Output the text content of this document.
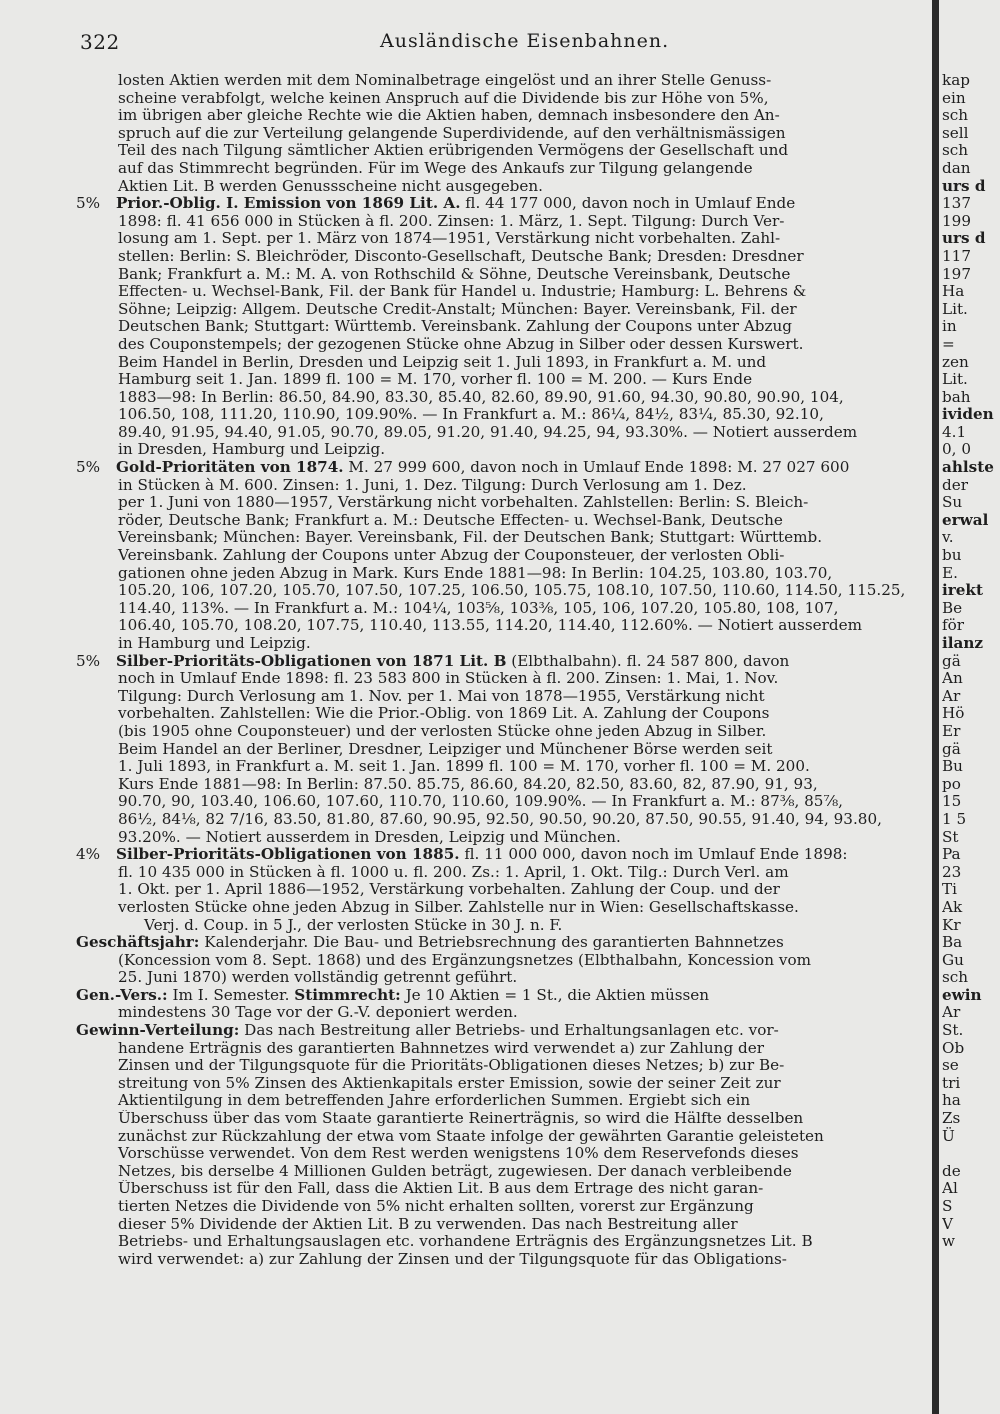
322	Ausländische Eisenbahnen.
losten Aktien werden mit dem Nominalbetrage eingelöst und an ihrer Stelle Genuss-
scheine verabfolgt, welche keinen Anspruch auf die Dividende bis zur Höhe von 5%,
im übrigen aber gleiche Rechte wie die Aktien haben, demnach insbesondere den An-
spruch auf die zur Verteilung gelangende Superdividende, auf den verhältnismässigen
Teil des nach Tilgung sämtlicher Aktien erübrigenden Vermögens der Gesellschaft und
auf das Stimmrecht begründen. Für im Wege des Ankaufs zur Tilgung gelangende
Aktien Lit. B werden Genussscheine nicht ausgegeben.
5% Prior.-Oblig. I. Emission von 1869 Lit. A. fl. 44 177 000, davon noch in Umlauf Ende
1898: fl. 41 656 000 in Stücken à fl. 200. Zinsen: 1. März, 1. Sept. Tilgung: Durch Ver-
losung am 1. Sept. per 1. März von 1874—1951, Verstärkung nicht vorbehalten. Zahl-
stellen: Berlin: S. Bleichröder, Disconto-Gesellschaft, Deutsche Bank; Dresden: Dresdner
Bank; Frankfurt a. M.: M. A. von Rothschild & Söhne, Deutsche Vereinsbank, Deutsche
Effecten- u. Wechsel-Bank, Fil. der Bank für Handel u. Industrie; Hamburg: L. Behrens &
Söhne; Leipzig: Allgem. Deutsche Credit-Anstalt; München: Bayer. Vereinsbank, Fil. der
Deutschen Bank; Stuttgart: Württemb. Vereinsbank. Zahlung der Coupons unter Abzug
des Couponstempels; der gezogenen Stücke ohne Abzug in Silber oder dessen Kurswert.
Beim Handel in Berlin, Dresden und Leipzig seit 1. Juli 1893, in Frankfurt a. M. und
Hamburg seit 1. Jan. 1899 fl. 100 = M. 170, vorher fl. 100 = M. 200. — Kurs Ende
1883—98: In Berlin: 86.50, 84.90, 83.30, 85.40, 82.60, 89.90, 91.60, 94.30, 90.80, 90.90, 104,
106.50, 108, 111.20, 110.90, 109.90%. — In Frankfurt a. M.: 86¼, 84½, 83¼, 85.30, 92.10,
89.40, 91.95, 94.40, 91.05, 90.70, 89.05, 91.20, 91.40, 94.25, 94, 93.30%. — Notiert ausserdem
in Dresden, Hamburg und Leipzig.
5% Gold-Prioritäten von 1874. M. 27 999 600, davon noch in Umlauf Ende 1898: M. 27 027 600
in Stücken à M. 600. Zinsen: 1. Juni, 1. Dez. Tilgung: Durch Verlosung am 1. Dez.
per 1. Juni von 1880—1957, Verstärkung nicht vorbehalten. Zahlstellen: Berlin: S. Bleich-
röder, Deutsche Bank; Frankfurt a. M.: Deutsche Effecten- u. Wechsel-Bank, Deutsche
Vereinsbank; München: Bayer. Vereinsbank, Fil. der Deutschen Bank; Stuttgart: Württemb.
Vereinsbank. Zahlung der Coupons unter Abzug der Couponsteuer, der verlosten Obli-
gationen ohne jeden Abzug in Mark. Kurs Ende 1881—98: In Berlin: 104.25, 103.80, 103.70,
105.20, 106, 107.20, 105.70, 107.50, 107.25, 106.50, 105.75, 108.10, 107.50, 110.60, 114.50, 115.25,
114.40, 113%. — In Frankfurt a. M.: 104¼, 103⅝, 103⅜, 105, 106, 107.20, 105.80, 108, 107,
106.40, 105.70, 108.20, 107.75, 110.40, 113.55, 114.20, 114.40, 112.60%. — Notiert ausserdem
in Hamburg und Leipzig.
5% Silber-Prioritäts-Obligationen von 1871 Lit. B (Elbthalbahn). fl. 24 587 800, davon
noch in Umlauf Ende 1898: fl. 23 583 800 in Stücken à fl. 200. Zinsen: 1. Mai, 1. Nov.
Tilgung: Durch Verlosung am 1. Nov. per 1. Mai von 1878—1955, Verstärkung nicht
vorbehalten. Zahlstellen: Wie die Prior.-Oblig. von 1869 Lit. A. Zahlung der Coupons
(bis 1905 ohne Couponsteuer) und der verlosten Stücke ohne jeden Abzug in Silber.
Beim Handel an der Berliner, Dresdner, Leipziger und Münchener Börse werden seit
1. Juli 1893, in Frankfurt a. M. seit 1. Jan. 1899 fl. 100 = M. 170, vorher fl. 100 = M. 200.
Kurs Ende 1881—98: In Berlin: 87.50. 85.75, 86.60, 84.20, 82.50, 83.60, 82, 87.90, 91, 93,
90.70, 90, 103.40, 106.60, 107.60, 110.70, 110.60, 109.90%. — In Frankfurt a. M.: 87⅜, 85⅞,
86½, 84⅛, 82 7/16, 83.50, 81.80, 87.60, 90.95, 92.50, 90.50, 90.20, 87.50, 90.55, 91.40, 94, 93.80,
93.20%. — Notiert ausserdem in Dresden, Leipzig und München.
4% Silber-Prioritäts-Obligationen von 1885. fl. 11 000 000, davon noch im Umlauf Ende 1898:
fl. 10 435 000 in Stücken à fl. 1000 u. fl. 200. Zs.: 1. April, 1. Okt. Tilg.: Durch Verl. am
1. Okt. per 1. April 1886—1952, Verstärkung vorbehalten. Zahlung der Coup. und der
verlosten Stücke ohne jeden Abzug in Silber. Zahlstelle nur in Wien: Gesellschaftskasse.
Verj. d. Coup. in 5 J., der verlosten Stücke in 30 J. n. F.
Geschäftsjahr: Kalenderjahr. Die Bau- und Betriebsrechnung des garantierten Bahnnetzes
(Koncession vom 8. Sept. 1868) und des Ergänzungsnetzes (Elbthalbahn, Koncession vom
25. Juni 1870) werden vollständig getrennt geführt.
Gen.-Vers.: Im I. Semester. Stimmrecht: Je 10 Aktien = 1 St., die Aktien müssen
mindestens 30 Tage vor der G.-V. deponiert werden.
Gewinn-Verteilung: Das nach Bestreitung aller Betriebs- und Erhaltungsanlagen etc. vor-
handene Erträgnis des garantierten Bahnnetzes wird verwendet a) zur Zahlung der
Zinsen und der Tilgungsquote für die Prioritäts-Obligationen dieses Netzes; b) zur Be-
streitung von 5% Zinsen des Aktienkapitals erster Emission, sowie der seiner Zeit zur
Aktientilgung in dem betreffenden Jahre erforderlichen Summen. Ergiebt sich ein
Überschuss über das vom Staate garantierte Reinerträgnis, so wird die Hälfte desselben
zunächst zur Rückzahlung der etwa vom Staate infolge der gewährten Garantie geleisteten
Vorschüsse verwendet. Von dem Rest werden wenigstens 10% dem Reservefonds dieses
Netzes, bis derselbe 4 Millionen Gulden beträgt, zugewiesen. Der danach verbleibende
Überschuss ist für den Fall, dass die Aktien Lit. B aus dem Ertrage des nicht garan-
tierten Netzes die Dividende von 5% nicht erhalten sollten, vorerst zur Ergänzung
dieser 5% Dividende der Aktien Lit. B zu verwenden. Das nach Bestreitung aller
Betriebs- und Erhaltungsauslagen etc. vorhandene Erträgnis des Ergänzungsnetzes Lit. B
wird verwendet: a) zur Zahlung der Zinsen und der Tilgungsquote für das Obligations-
kap
ein
sch
sell
sch
dan
urs d
137
199
urs d
117
197
Ha
Lit.
in
=
zen
Lit.
bah
ividen
4.1
0, 0
ahlste
der
Su
erwal
v.
bu
E.
irekt
Be
för
ilanz
gä
An
Ar
Hö
Er
gä
Bu
po
15
1 5
St
Pa
23
Ti
Ak
Kr
Ba
Gu
sch
ewin
Ar
St.
Ob
se
tri
ha
Zs
Ü
de
Al
S
V
w
